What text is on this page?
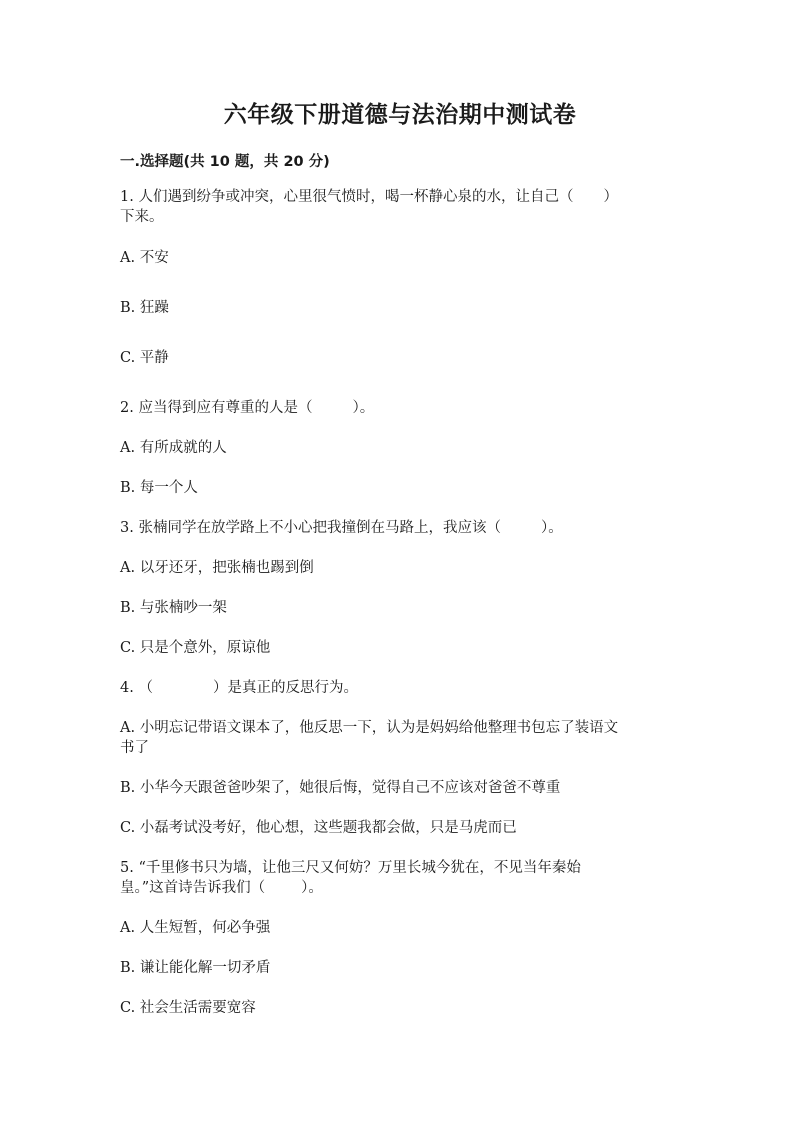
六年级下册道德与法治期中测试卷
一.选择题(共 10 题，共 20 分)
1. 人们遇到纷争或冲突，心里很气愤时，喝一杯静心泉的水，让自己（ ）
下来。
A. 不安
B. 狂躁
C. 平静
2. 应当得到应有尊重的人是（	）。
A. 有所成就的人
B. 每一个人
3. 张楠同学在放学路上不小心把我撞倒在马路上，我应该（	）。
A. 以牙还牙，把张楠也踢到倒
B. 与张楠吵一架
C. 只是个意外，原谅他
4. （	）是真正的反思行为。
A. 小明忘记带语文课本了，他反思一下，认为是妈妈给他整理书包忘了装语文
书了
B. 小华今天跟爸爸吵架了，她很后悔，觉得自己不应该对爸爸不尊重
C. 小磊考试没考好，他心想，这些题我都会做，只是马虎而已
5. “千里修书只为墙，让他三尺又何妨？万里长城今犹在，不见当年秦始
皇。”这首诗告诉我们（ ）。
A. 人生短暂，何必争强
B. 谦让能化解一切矛盾
C. 社会生活需要宽容
